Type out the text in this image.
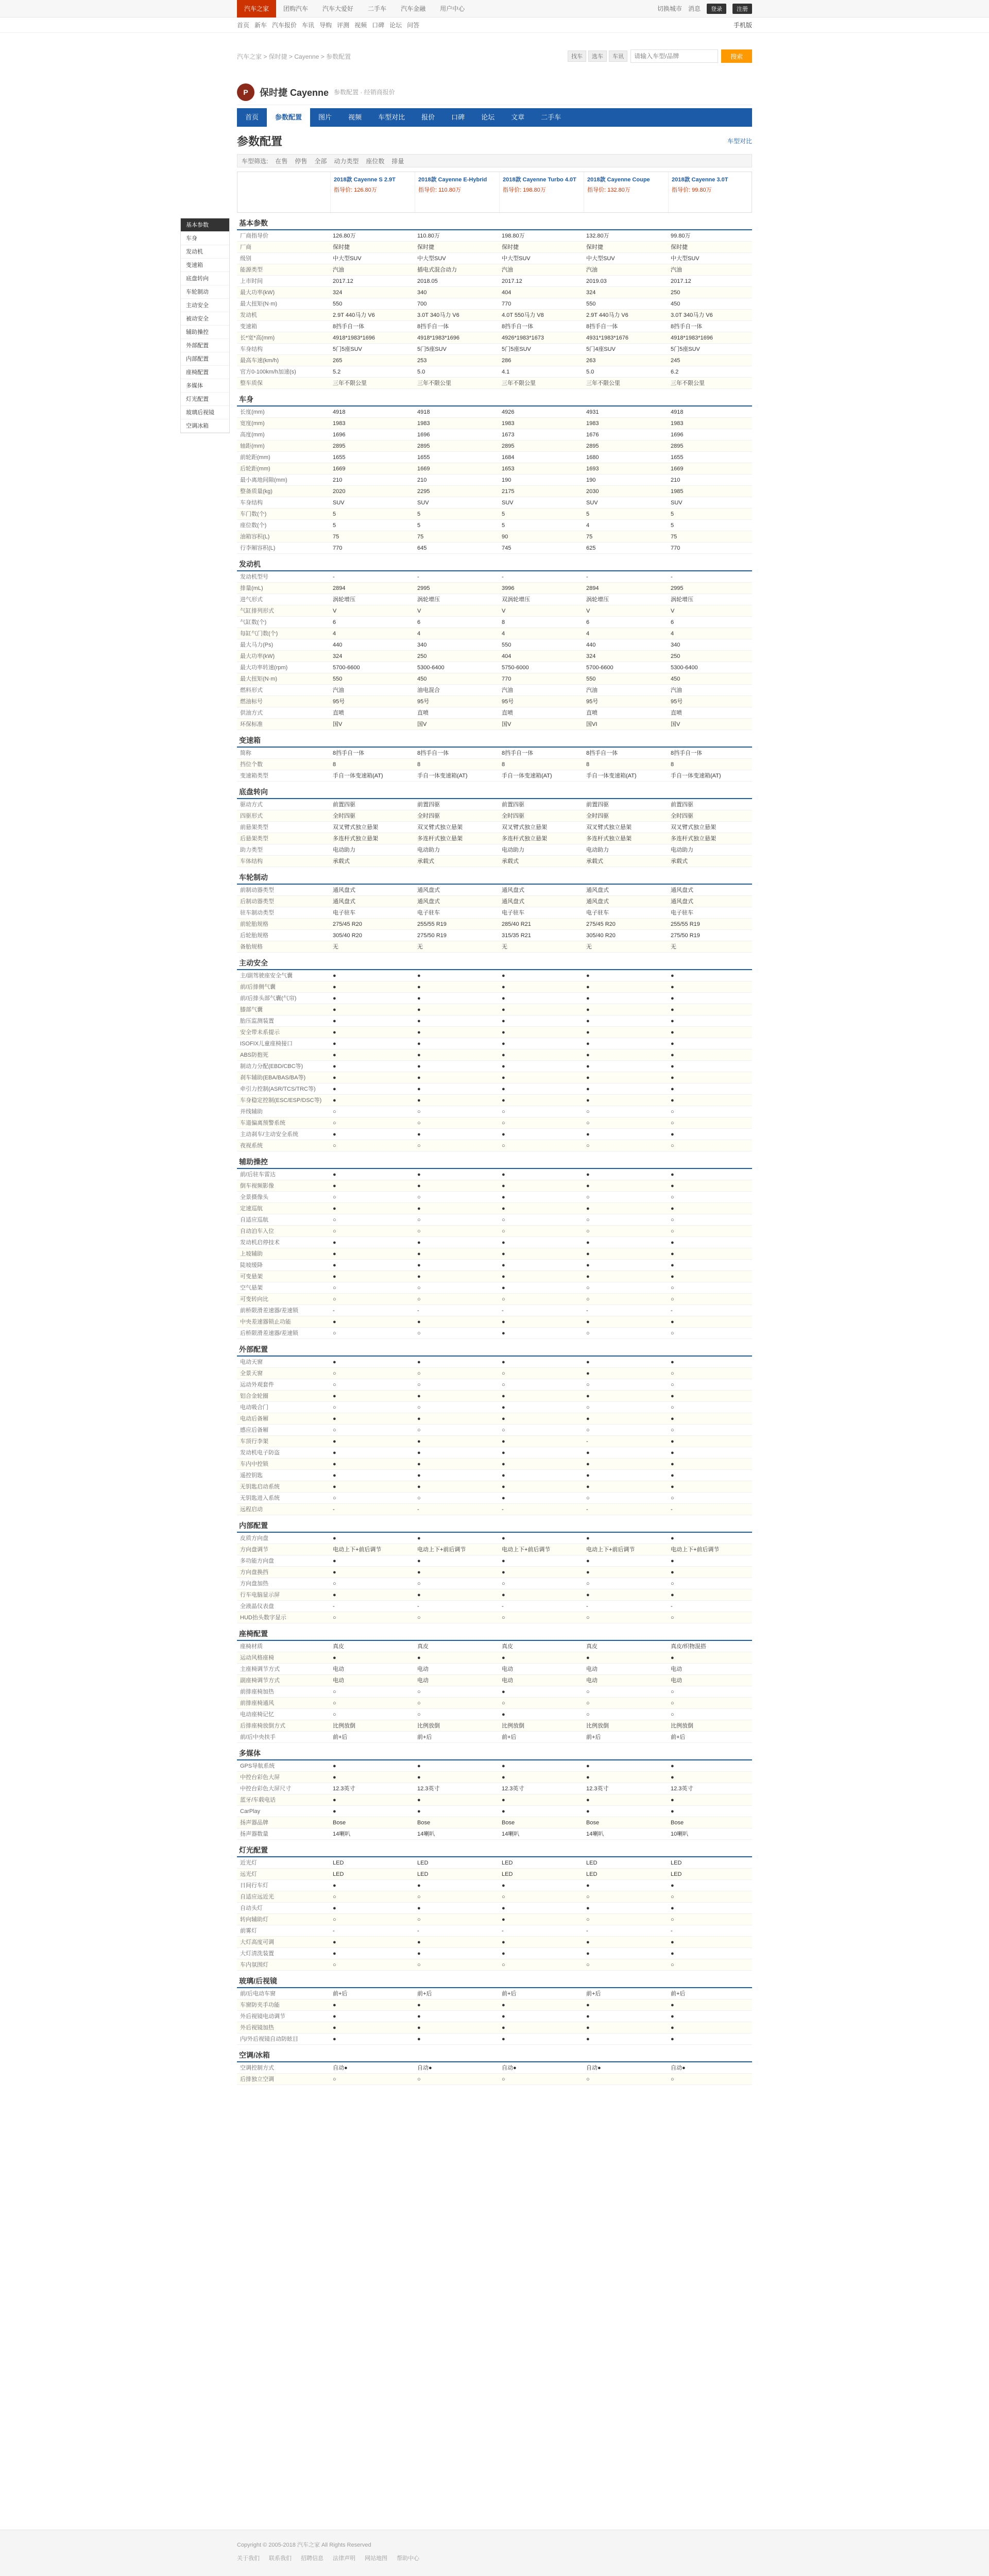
汽车之家	团购汽车	汽车大爱好	二手车	汽车金融	用户中心	切换城市 消息	登录	注册
首页 新车 汽车报价 车讯 导购 评测 视频 口碑 论坛 问答	手机版
汽车之家 > 保时捷 > Cayenne > 参数配置	找车	选车	车讯
请输入车型/品牌	搜索
P	保时捷 Cayenne 参数配置 · 经销商报价
首页	参数配置	图片	视频	车型对比	报价	口碑	论坛	文章	二手车
参数配置	车型对比
车型筛选: 在售 停售 全部 动力类型 座位数 排量
基本参数
车身
发动机
变速箱
底盘转向
车轮制动
主动安全
被动安全
辅助操控
外部配置
内部配置
座椅配置
多媒体
灯光配置
玻璃后视镜
空调冰箱
2018款 Cayenne S 2.9T
指导价: 126.80万
2018款 Cayenne E-Hybrid
指导价: 110.80万
2018款 Cayenne Turbo 4.0T
指导价: 198.80万
2018款 Cayenne Coupe
指导价: 132.80万
2018款 Cayenne 3.0T
指导价: 99.80万
基本参数
厂商指导价	126.80万	110.80万	198.80万	132.80万	99.80万
厂商	保时捷	保时捷	保时捷	保时捷	保时捷
级别	中大型SUV	中大型SUV	中大型SUV	中大型SUV	中大型SUV
能源类型	汽油	插电式混合动力	汽油	汽油	汽油
上市时间	2017.12	2018.05	2017.12	2019.03	2017.12
最大功率(kW)	324	340	404	324	250
最大扭矩(N·m)	550	700	770	550	450
发动机	2.9T 440马力 V6	3.0T 340马力 V6	4.0T 550马力 V8	2.9T 440马力 V6	3.0T 340马力 V6
变速箱	8挡手自一体	8挡手自一体	8挡手自一体	8挡手自一体	8挡手自一体
长*宽*高(mm)	4918*1983*1696	4918*1983*1696	4926*1983*1673	4931*1983*1676	4918*1983*1696
车身结构	5门5座SUV	5门5座SUV	5门5座SUV	5门4座SUV	5门5座SUV
最高车速(km/h)	265	253	286	263	245
官方0-100km/h加速(s)	5.2	5.0	4.1	5.0	6.2
整车质保	三年不限公里	三年不限公里	三年不限公里	三年不限公里	三年不限公里
车身
长度(mm)	4918	4918	4926	4931	4918
宽度(mm)	1983	1983	1983	1983	1983
高度(mm)	1696	1696	1673	1676	1696
轴距(mm)	2895	2895	2895	2895	2895
前轮距(mm)	1655	1655	1684	1680	1655
后轮距(mm)	1669	1669	1653	1693	1669
最小离地间隙(mm)	210	210	190	190	210
整备质量(kg)	2020	2295	2175	2030	1985
车身结构	SUV	SUV	SUV	SUV	SUV
车门数(个)	5	5	5	5	5
座位数(个)	5	5	5	4	5
油箱容积(L)	75	75	90	75	75
行李厢容积(L)	770	645	745	625	770
发动机
发动机型号	-	-	-	-	-
排量(mL)	2894	2995	3996	2894	2995
进气形式	涡轮增压	涡轮增压	双涡轮增压	涡轮增压	涡轮增压
气缸排列形式	V	V	V	V	V
气缸数(个)	6	6	8	6	6
每缸气门数(个)	4	4	4	4	4
最大马力(Ps)	440	340	550	440	340
最大功率(kW)	324	250	404	324	250
最大功率转速(rpm)	5700-6600	5300-6400	5750-6000	5700-6600	5300-6400
最大扭矩(N·m)	550	450	770	550	450
燃料形式	汽油	油电混合	汽油	汽油	汽油
燃油标号	95号	95号	95号	95号	95号
供油方式	直喷	直喷	直喷	直喷	直喷
环保标准	国V	国V	国V	国VI	国V
变速箱
简称	8挡手自一体	8挡手自一体	8挡手自一体	8挡手自一体	8挡手自一体
挡位个数	8	8	8	8	8
变速箱类型	手自一体变速箱(AT)	手自一体变速箱(AT)	手自一体变速箱(AT)	手自一体变速箱(AT)	手自一体变速箱(AT)
底盘转向
驱动方式	前置四驱	前置四驱	前置四驱	前置四驱	前置四驱
四驱形式	全时四驱	全时四驱	全时四驱	全时四驱	全时四驱
前悬架类型	双叉臂式独立悬架	双叉臂式独立悬架	双叉臂式独立悬架	双叉臂式独立悬架	双叉臂式独立悬架
后悬架类型	多连杆式独立悬架	多连杆式独立悬架	多连杆式独立悬架	多连杆式独立悬架	多连杆式独立悬架
助力类型	电动助力	电动助力	电动助力	电动助力	电动助力
车体结构	承载式	承载式	承载式	承载式	承载式
车轮制动
前制动器类型	通风盘式	通风盘式	通风盘式	通风盘式	通风盘式
后制动器类型	通风盘式	通风盘式	通风盘式	通风盘式	通风盘式
驻车制动类型	电子驻车	电子驻车	电子驻车	电子驻车	电子驻车
前轮胎规格	275/45 R20	255/55 R19	285/40 R21	275/45 R20	255/55 R19
后轮胎规格	305/40 R20	275/50 R19	315/35 R21	305/40 R20	275/50 R19
备胎规格	无	无	无	无	无
主动安全
主/副驾驶座安全气囊	●	●	●	●	●
前/后排侧气囊	●	●	●	●	●
前/后排头部气囊(气帘)	●	●	●	●	●
膝部气囊	●	●	●	●	●
胎压监测装置	●	●	●	●	●
安全带未系提示	●	●	●	●	●
ISOFIX儿童座椅接口	●	●	●	●	●
ABS防抱死	●	●	●	●	●
制动力分配(EBD/CBC等)	●	●	●	●	●
刹车辅助(EBA/BAS/BA等)	●	●	●	●	●
牵引力控制(ASR/TCS/TRC等)	●	●	●	●	●
车身稳定控制(ESC/ESP/DSC等)	●	●	●	●	●
并线辅助	○	○	○	○	○
车道偏离预警系统	○	○	○	○	○
主动刹车/主动安全系统	●	●	●	●	●
夜视系统	○	○	○	○	○
辅助操控
前/后驻车雷达	●	●	●	●	●
倒车视频影像	●	●	●	●	●
全景摄像头	○	○	●	○	○
定速巡航	●	●	●	●	●
自适应巡航	○	○	○	○	○
自动泊车入位	○	○	○	○	○
发动机启停技术	●	●	●	●	●
上坡辅助	●	●	●	●	●
陡坡缓降	●	●	●	●	●
可变悬架	●	●	●	●	●
空气悬架	○	○	●	○	○
可变转向比	○	○	○	○	○
前桥限滑差速器/差速锁	-	-	-	-	-
中央差速器锁止功能	●	●	●	●	●
后桥限滑差速器/差速锁	○	○	●	○	○
外部配置
电动天窗	●	●	●	●	●
全景天窗	○	○	○	●	○
运动外观套件	○	○	○	○	○
铝合金轮圈	●	●	●	●	●
电动吸合门	○	○	●	○	○
电动后备厢	●	●	●	●	●
感应后备厢	○	○	○	○	○
车顶行李架	●	●	●	-	●
发动机电子防盗	●	●	●	●	●
车内中控锁	●	●	●	●	●
遥控钥匙	●	●	●	●	●
无钥匙启动系统	●	●	●	●	●
无钥匙进入系统	○	○	●	○	○
远程启动	-	-	-	-	-
内部配置
皮质方向盘	●	●	●	●	●
方向盘调节	电动上下+前后调节	电动上下+前后调节	电动上下+前后调节	电动上下+前后调节	电动上下+前后调节
多功能方向盘	●	●	●	●	●
方向盘换挡	●	●	●	●	●
方向盘加热	○	○	○	○	○
行车电脑显示屏	●	●	●	●	●
全液晶仪表盘	-	-	-	-	-
HUD抬头数字显示	○	○	○	○	○
座椅配置
座椅材质	真皮	真皮	真皮	真皮	真皮/织物混搭
运动风格座椅	●	●	●	●	●
主座椅调节方式	电动	电动	电动	电动	电动
副座椅调节方式	电动	电动	电动	电动	电动
前排座椅加热	○	○	●	○	○
前排座椅通风	○	○	○	○	○
电动座椅记忆	○	○	●	○	○
后排座椅放倒方式	比例放倒	比例放倒	比例放倒	比例放倒	比例放倒
前/后中央扶手	前+后	前+后	前+后	前+后	前+后
多媒体
GPS导航系统	●	●	●	●	●
中控台彩色大屏	●	●	●	●	●
中控台彩色大屏尺寸	12.3英寸	12.3英寸	12.3英寸	12.3英寸	12.3英寸
蓝牙/车载电话	●	●	●	●	●
CarPlay	●	●	●	●	●
扬声器品牌	Bose	Bose	Bose	Bose	Bose
扬声器数量	14喇叭	14喇叭	14喇叭	14喇叭	10喇叭
灯光配置
近光灯	LED	LED	LED	LED	LED
远光灯	LED	LED	LED	LED	LED
日间行车灯	●	●	●	●	●
自适应远近光	○	○	○	○	○
自动头灯	●	●	●	●	●
转向辅助灯	○	○	●	○	○
前雾灯	-	-	-	-	-
大灯高度可调	●	●	●	●	●
大灯清洗装置	●	●	●	●	●
车内氛围灯	○	○	○	○	○
玻璃/后视镜
前/后电动车窗	前+后	前+后	前+后	前+后	前+后
车窗防夹手功能	●	●	●	●	●
外后视镜电动调节	●	●	●	●	●
外后视镜加热	●	●	●	●	●
内/外后视镜自动防眩目	●	●	●	●	●
空调/冰箱
空调控制方式	自动●	自动●	自动●	自动●	自动●
后排独立空调	○	○	○	○	○
Copyright © 2005-2018 汽车之家 All Rights Reserved
关于我们 联系我们 招聘信息 法律声明 网站地图 帮助中心
